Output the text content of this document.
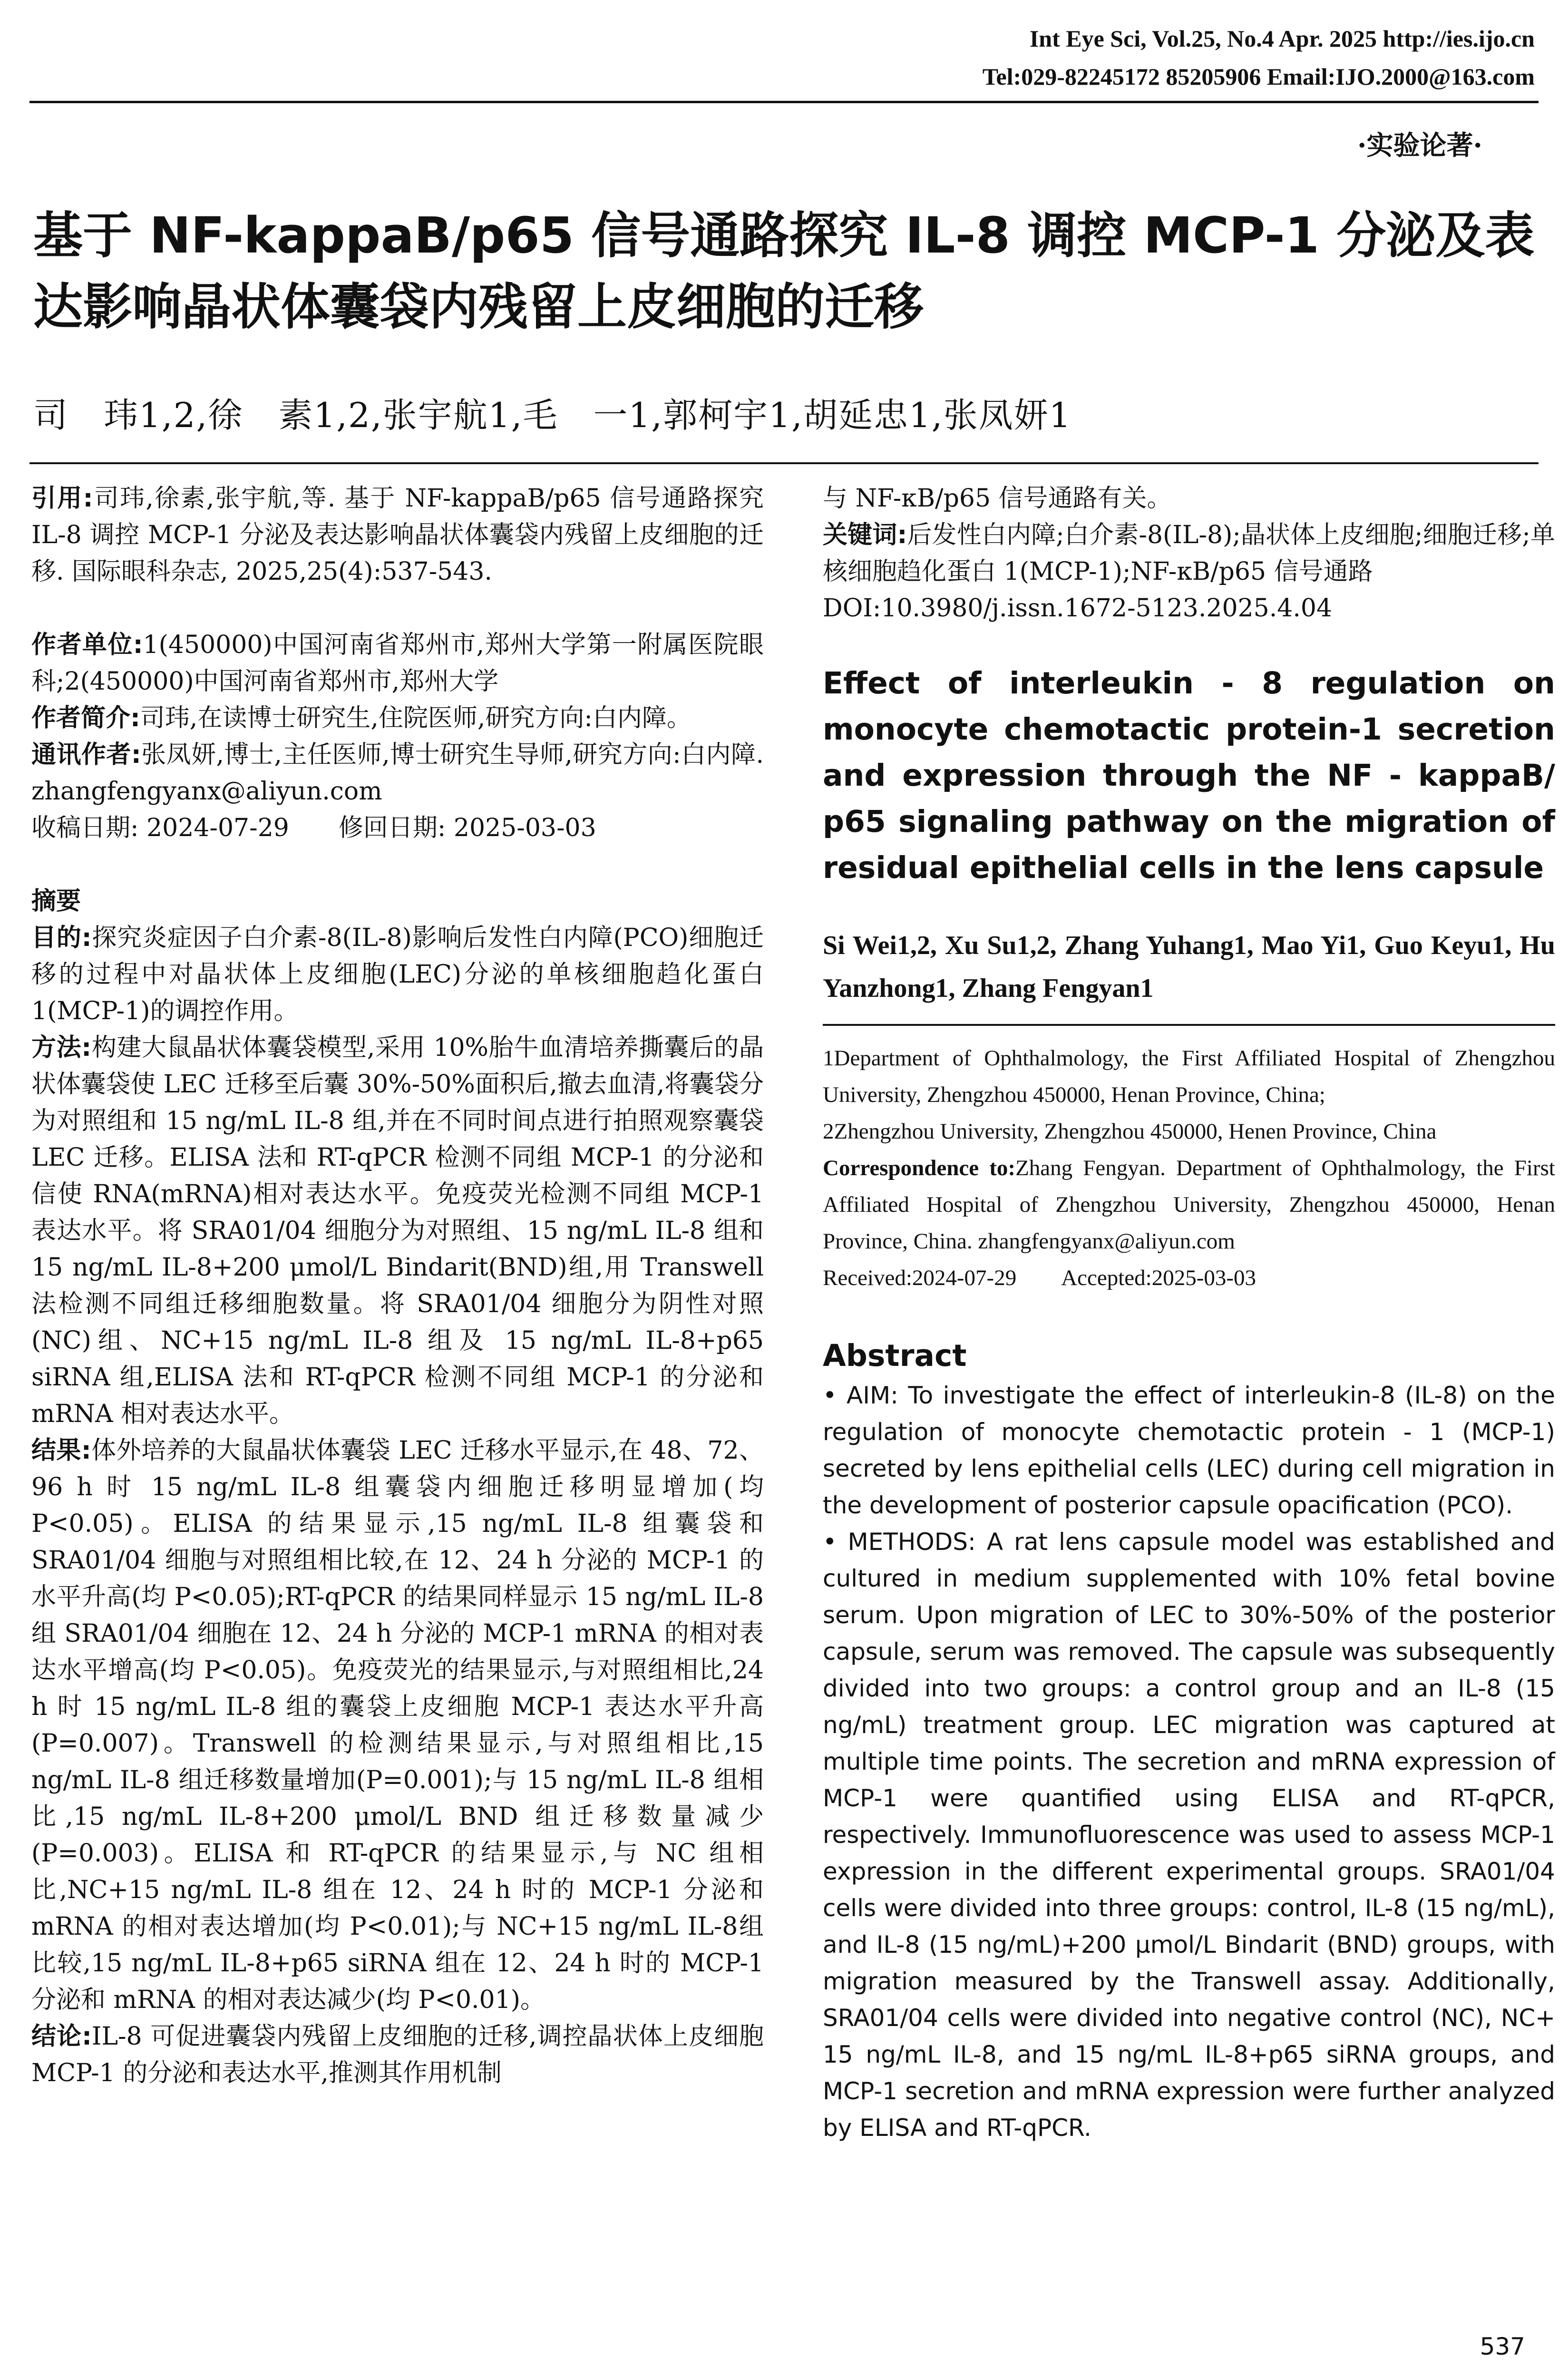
Int Eye Sci, Vol.25, No.4 Apr. 2025 http://ies.ijo.cn
Tel:029-82245172 85205906 Email:IJO.2000@163.com
·实验论著·
基于 NF-kappaB/p65 信号通路探究 IL-8 调控 MCP-1 分泌及表达影响晶状体囊袋内残留上皮细胞的迁移
司　玮1,2,徐　素1,2,张宇航1,毛　一1,郭柯宇1,胡延忠1,张凤妍1

引用:司玮,徐素,张宇航,等. 基于 NF-kappaB/p65 信号通路探究 IL-8 调控 MCP-1 分泌及表达影响晶状体囊袋内残留上皮细胞的迁移. 国际眼科杂志, 2025,25(4):537-543.

作者单位:1(450000)中国河南省郑州市,郑州大学第一附属医院眼科;2(450000)中国河南省郑州市,郑州大学

作者简介:司玮,在读博士研究生,住院医师,研究方向:白内障。

通讯作者:张凤妍,博士,主任医师,博士研究生导师,研究方向:白内障. zhangfengyanx@aliyun.com

收稿日期: 2024-07-29　　修回日期: 2025-03-03

摘要

目的:探究炎症因子白介素-8(IL-8)影响后发性白内障(PCO)细胞迁移的过程中对晶状体上皮细胞(LEC)分泌的单核细胞趋化蛋白 1(MCP-1)的调控作用。

方法:构建大鼠晶状体囊袋模型,采用 10%胎牛血清培养撕囊后的晶状体囊袋使 LEC 迁移至后囊 30%-50%面积后,撤去血清,将囊袋分为对照组和 15 ng/mL IL-8 组,并在不同时间点进行拍照观察囊袋 LEC 迁移。ELISA 法和 RT-qPCR 检测不同组 MCP-1 的分泌和信使 RNA(mRNA)相对表达水平。免疫荧光检测不同组 MCP-1 表达水平。将 SRA01/04 细胞分为对照组、15 ng/mL IL-8 组和 15 ng/mL IL-8+200 μmol/L Bindarit(BND)组,用 Transwell 法检测不同组迁移细胞数量。将 SRA01/04 细胞分为阴性对照(NC)组、NC+15 ng/mL IL-8 组及 15 ng/mL IL-8+p65 siRNA 组,ELISA 法和 RT-qPCR 检测不同组 MCP-1 的分泌和 mRNA 相对表达水平。

结果:体外培养的大鼠晶状体囊袋 LEC 迁移水平显示,在 48、72、96 h 时 15 ng/mL IL-8 组囊袋内细胞迁移明显增加(均 P<0.05)。ELISA 的结果显示,15 ng/mL IL-8 组囊袋和 SRA01/04 细胞与对照组相比较,在 12、24 h 分泌的 MCP-1 的水平升高(均 P<0.05);RT-qPCR 的结果同样显示 15 ng/mL IL-8 组 SRA01/04 细胞在 12、24 h 分泌的 MCP-1 mRNA 的相对表达水平增高(均 P<0.05)。免疫荧光的结果显示,与对照组相比,24 h 时 15 ng/mL IL-8 组的囊袋上皮细胞 MCP-1 表达水平升高(P=0.007)。Transwell 的检测结果显示,与对照组相比,15 ng/mL IL-8 组迁移数量增加(P=0.001);与 15 ng/mL IL-8 组相比,15 ng/mL IL-8+200 μmol/L BND 组迁移数量减少(P=0.003)。ELISA 和 RT-qPCR 的结果显示,与 NC 组相比,NC+15 ng/mL IL-8 组在 12、24 h 时的 MCP-1 分泌和 mRNA 的相对表达增加(均 P<0.01);与 NC+15 ng/mL IL-8组比较,15 ng/mL IL-8+p65 siRNA 组在 12、24 h 时的 MCP-1 分泌和 mRNA 的相对表达减少(均 P<0.01)。

结论:IL-8 可促进囊袋内残留上皮细胞的迁移,调控晶状体上皮细胞 MCP-1 的分泌和表达水平,推测其作用机制

与 NF-κB/p65 信号通路有关。

关键词:后发性白内障;白介素-8(IL-8);晶状体上皮细胞;细胞迁移;单核细胞趋化蛋白 1(MCP-1);NF-κB/p65 信号通路

DOI:10.3980/j.issn.1672-5123.2025.4.04

Effect of interleukin - 8 regulation on monocyte chemotactic protein-1 secretion and expression through the NF - kappaB/ p65 signaling pathway on the migration of residual epithelial cells in the lens capsule
Si Wei1,2, Xu Su1,2, Zhang Yuhang1, Mao Yi1, Guo Keyu1, Hu Yanzhong1, Zhang Fengyan1
1Department of Ophthalmology, the First Affiliated Hospital of Zhengzhou University, Zhengzhou 450000, Henan Province, China;
2Zhengzhou University, Zhengzhou 450000, Henen Province, China
Correspondence to:Zhang Fengyan. Department of Ophthalmology, the First Affiliated Hospital of Zhengzhou University, Zhengzhou 450000, Henan Province, China. zhangfengyanx@aliyun.com
Received:2024-07-29　　Accepted:2025-03-03
Abstract
• AIM: To investigate the effect of interleukin-8 (IL-8) on the regulation of monocyte chemotactic protein - 1 (MCP-1) secreted by lens epithelial cells (LEC) during cell migration in the development of posterior capsule opacification (PCO).
• METHODS: A rat lens capsule model was established and cultured in medium supplemented with 10% fetal bovine serum. Upon migration of LEC to 30%-50% of the posterior capsule, serum was removed. The capsule was subsequently divided into two groups: a control group and an IL-8 (15 ng/mL) treatment group. LEC migration was captured at multiple time points. The secretion and mRNA expression of MCP-1 were quantified using ELISA and RT-qPCR, respectively. Immunofluorescence was used to assess MCP-1 expression in the different experimental groups. SRA01/04 cells were divided into three groups: control, IL-8 (15 ng/mL), and IL-8 (15 ng/mL)+200 μmol/L Bindarit (BND) groups, with migration measured by the Transwell assay. Additionally, SRA01/04 cells were divided into negative control (NC), NC+ 15 ng/mL IL-8, and 15 ng/mL IL-8+p65 siRNA groups, and MCP-1 secretion and mRNA expression were further analyzed by ELISA and RT-qPCR.
537
